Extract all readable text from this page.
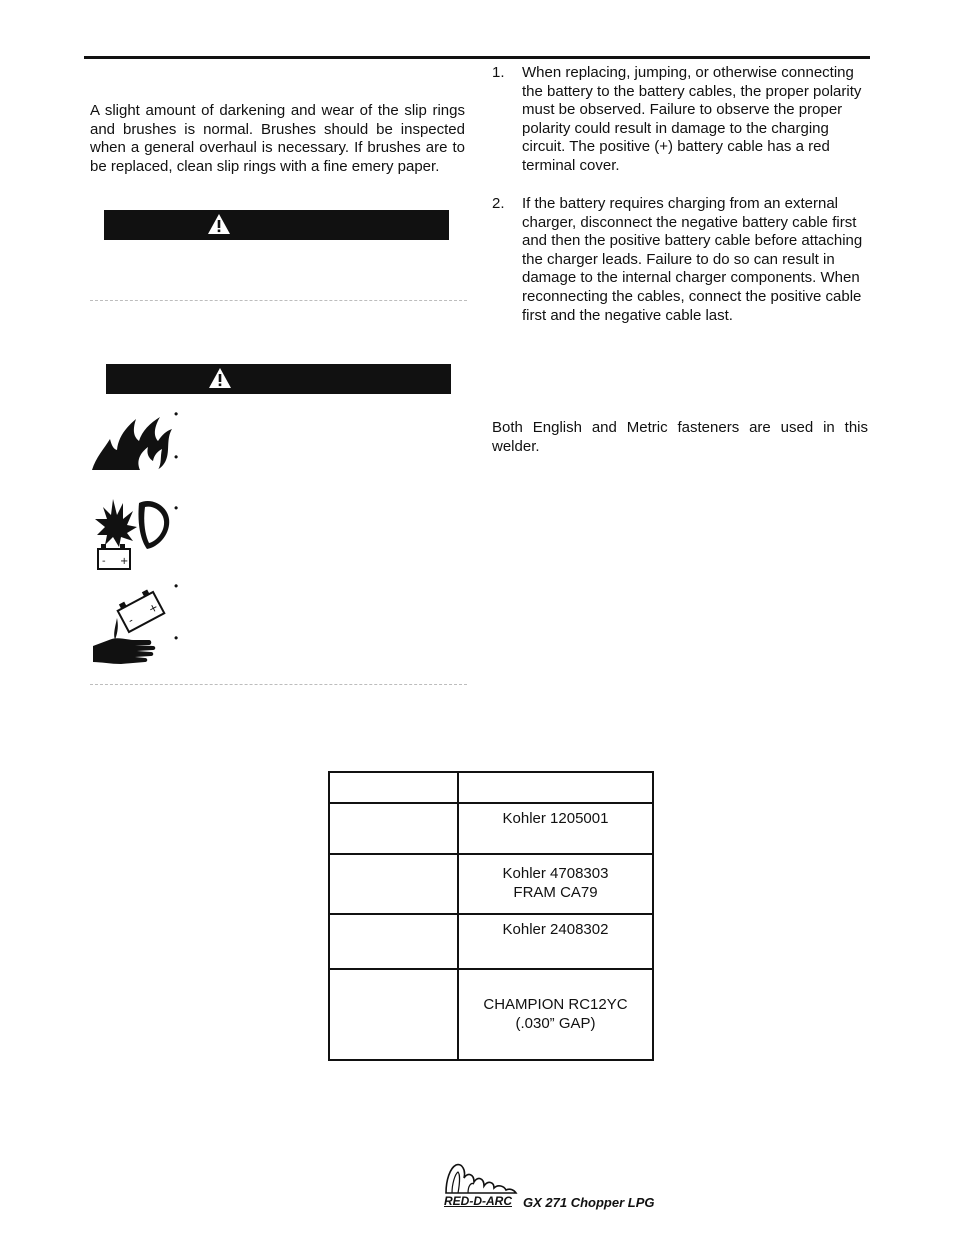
A slight amount of darkening and wear of the slip rings and brushes is normal. Brushes should be inspected when a general overhaul is necessary. If brushes are to be replaced, clean slip rings with a fine emery paper.
- +
-
+
•
•
•
•
•
1.	When replacing, jumping, or otherwise connecting the battery to the battery cables, the proper polarity must be observed. Failure to observe the proper polarity could result in damage to the charging circuit. The positive (+) battery cable has a red terminal cover.
2.	If the battery requires charging from an external charger, disconnect the negative battery cable first and then the positive battery cable before attaching the charger leads. Failure to do so can result in damage to the internal charger components. When reconnecting the cables, connect the positive cable first and the negative cable last.
Both English and Metric fasteners are used in this welder.

	Kohler 1205001

	Kohler 4708303
FRAM CA79

	Kohler 2408302

	CHAMPION RC12YC
(.030” GAP)
RED-D-ARC GX 271 Chopper LPG
